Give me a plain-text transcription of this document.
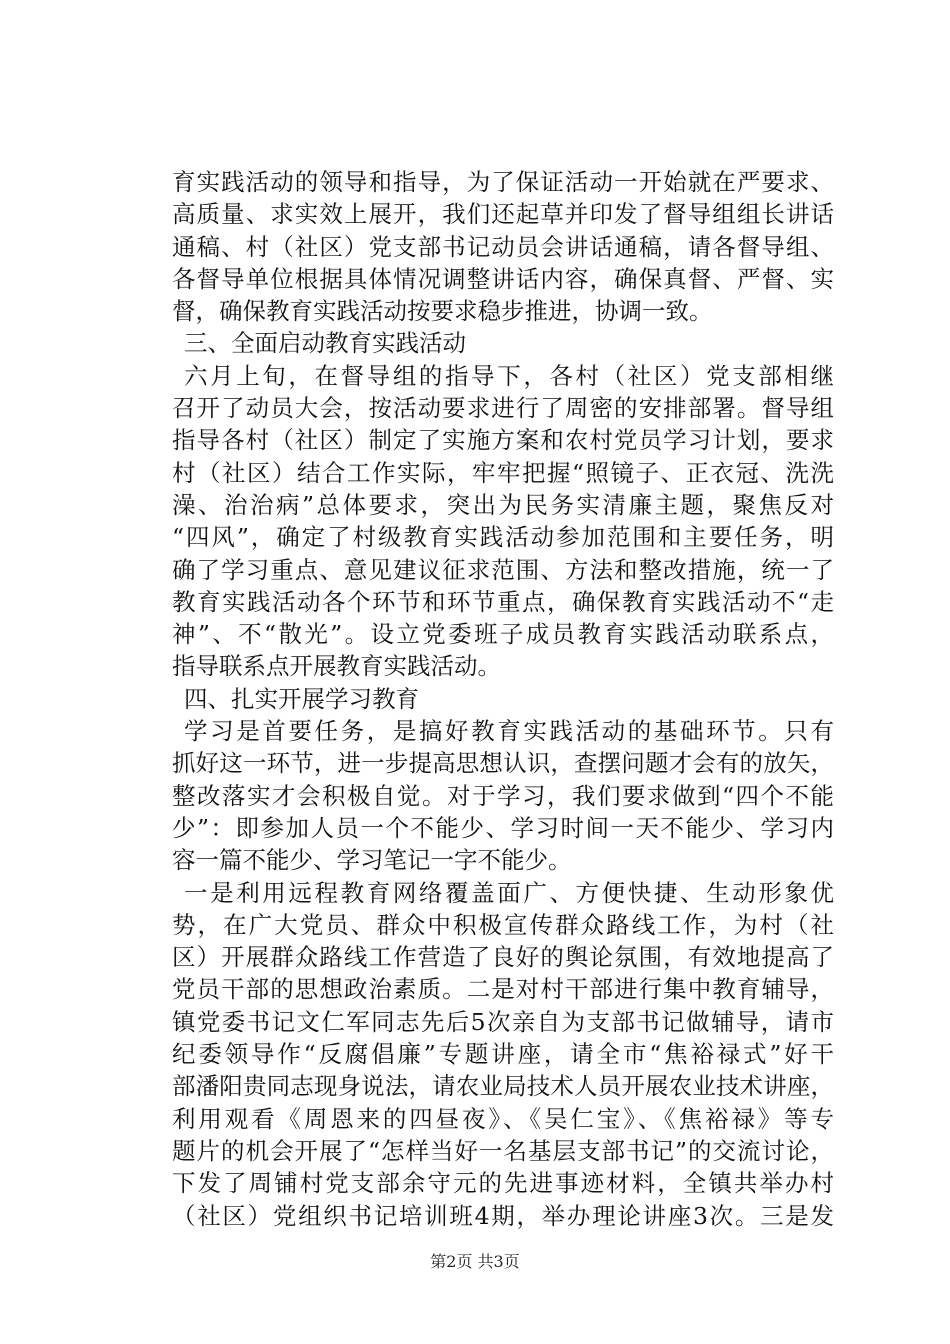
育实践活动的领导和指导，为了保证活动一开始就在严要求、
高质量、求实效上展开，我们还起草并印发了督导组组长讲话
通稿、村（社区）党支部书记动员会讲话通稿，请各督导组、
各督导单位根据具体情况调整讲话内容，确保真督、严督、实
督，确保教育实践活动按要求稳步推进，协调一致。
三、全面启动教育实践活动
六月上旬，在督导组的指导下，各村（社区）党支部相继
召开了动员大会，按活动要求进行了周密的安排部署。督导组
指导各村（社区）制定了实施方案和农村党员学习计划，要求
村（社区）结合工作实际，牢牢把握“照镜子、正衣冠、洗洗
澡、治治病”总体要求，突出为民务实清廉主题，聚焦反对
“四风”，确定了村级教育实践活动参加范围和主要任务，明
确了学习重点、意见建议征求范围、方法和整改措施，统一了
教育实践活动各个环节和环节重点，确保教育实践活动不“走
神”、不“散光”。设立党委班子成员教育实践活动联系点，
指导联系点开展教育实践活动。
四、扎实开展学习教育
学习是首要任务，是搞好教育实践活动的基础环节。只有
抓好这一环节，进一步提高思想认识，查摆问题才会有的放矢，
整改落实才会积极自觉。对于学习，我们要求做到“四个不能
少”：即参加人员一个不能少、学习时间一天不能少、学习内
容一篇不能少、学习笔记一字不能少。
一是利用远程教育网络覆盖面广、方便快捷、生动形象优
势，在广大党员、群众中积极宣传群众路线工作，为村（社
区）开展群众路线工作营造了良好的舆论氛围，有效地提高了
党员干部的思想政治素质。二是对村干部进行集中教育辅导，
镇党委书记文仁军同志先后5次亲自为支部书记做辅导，请市
纪委领导作“反腐倡廉”专题讲座，请全市“焦裕禄式”好干
部潘阳贵同志现身说法，请农业局技术人员开展农业技术讲座，
利用观看《周恩来的四昼夜》、《吴仁宝》、《焦裕禄》等专
题片的机会开展了“怎样当好一名基层支部书记”的交流讨论，
下发了周铺村党支部余守元的先进事迹材料，全镇共举办村
（社区）党组织书记培训班4期，举办理论讲座3次。三是发
第2页 共3页
